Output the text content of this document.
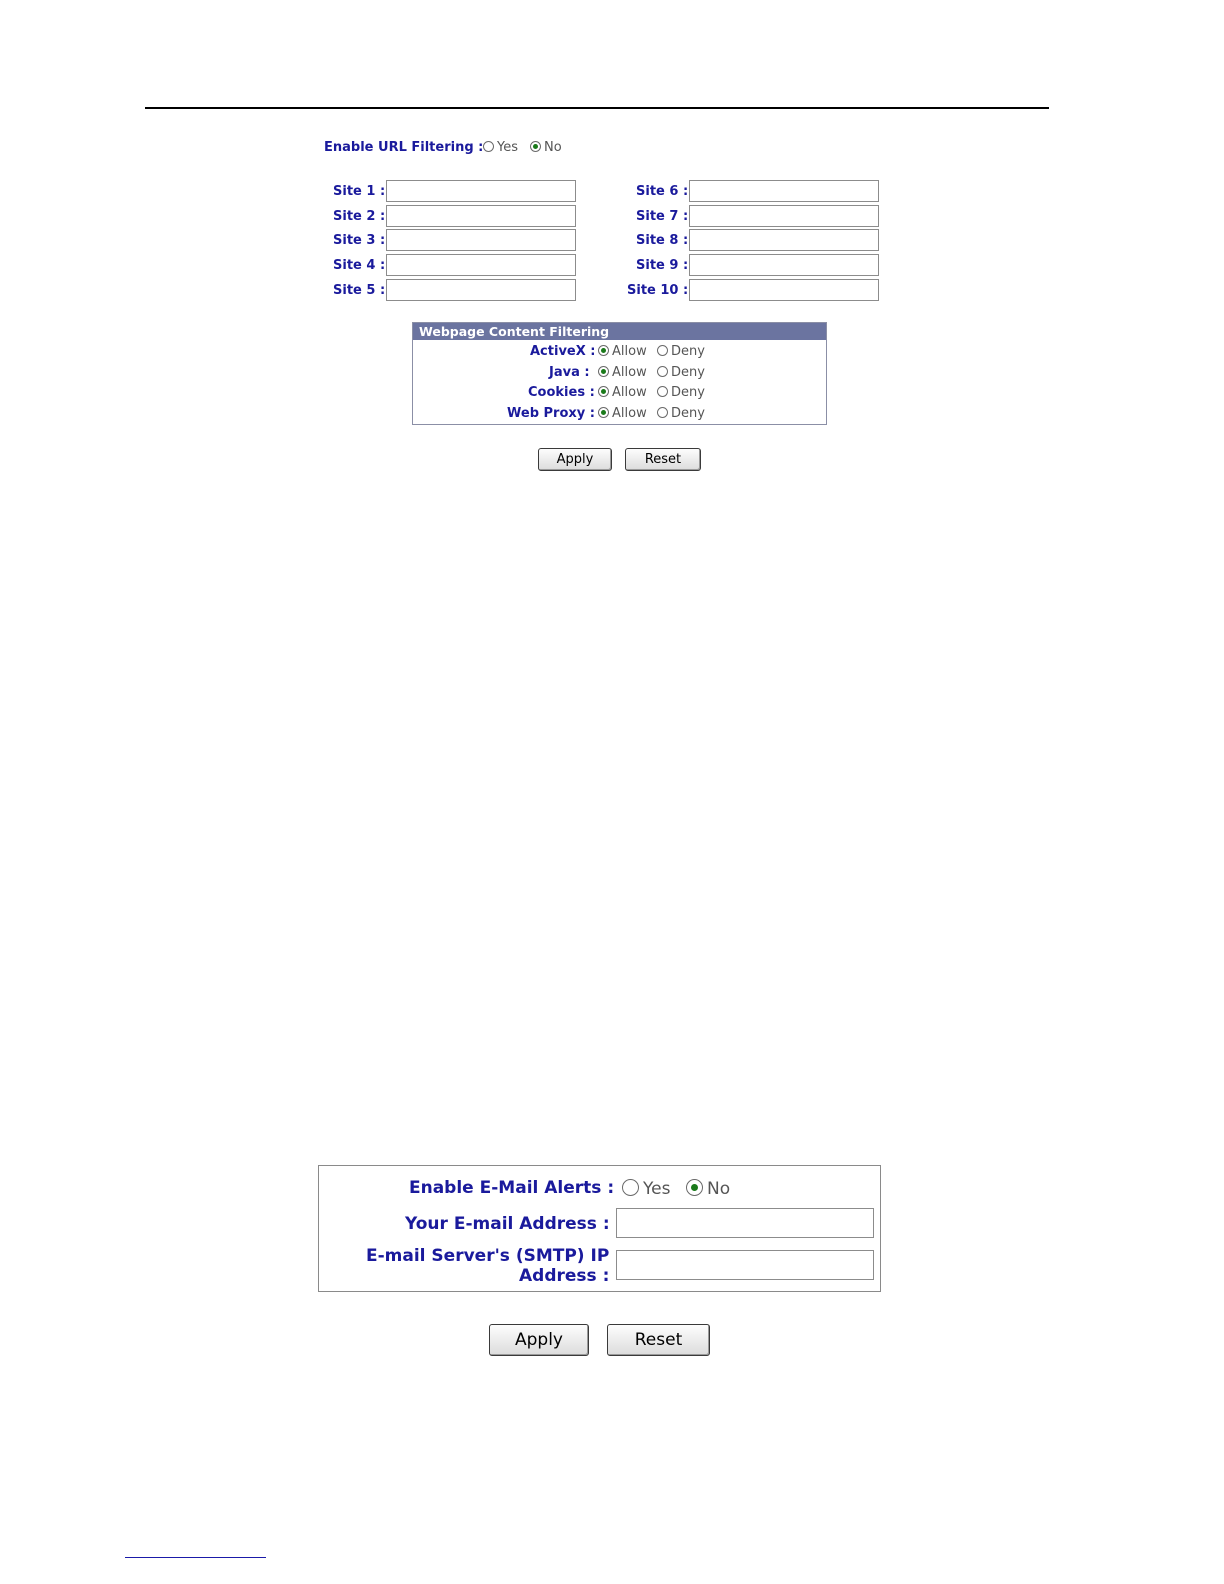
Enable URL Filtering :	Yes	No
Site 1 :
Site 2 :
Site 3 :
Site 4 :
Site 5 :
Site 6 :
Site 7 :
Site 8 :
Site 9 :
Site 10 :
Webpage Content Filtering
ActiveX :	Allow	Deny
Java :	Allow	Deny
Cookies :	Allow	Deny
Web Proxy :	Allow	Deny
Apply	Reset
Enable E-Mail Alerts :	Yes	No
Your E-mail Address :
E-mail Server's (SMTP) IP
Address :
Apply	Reset
